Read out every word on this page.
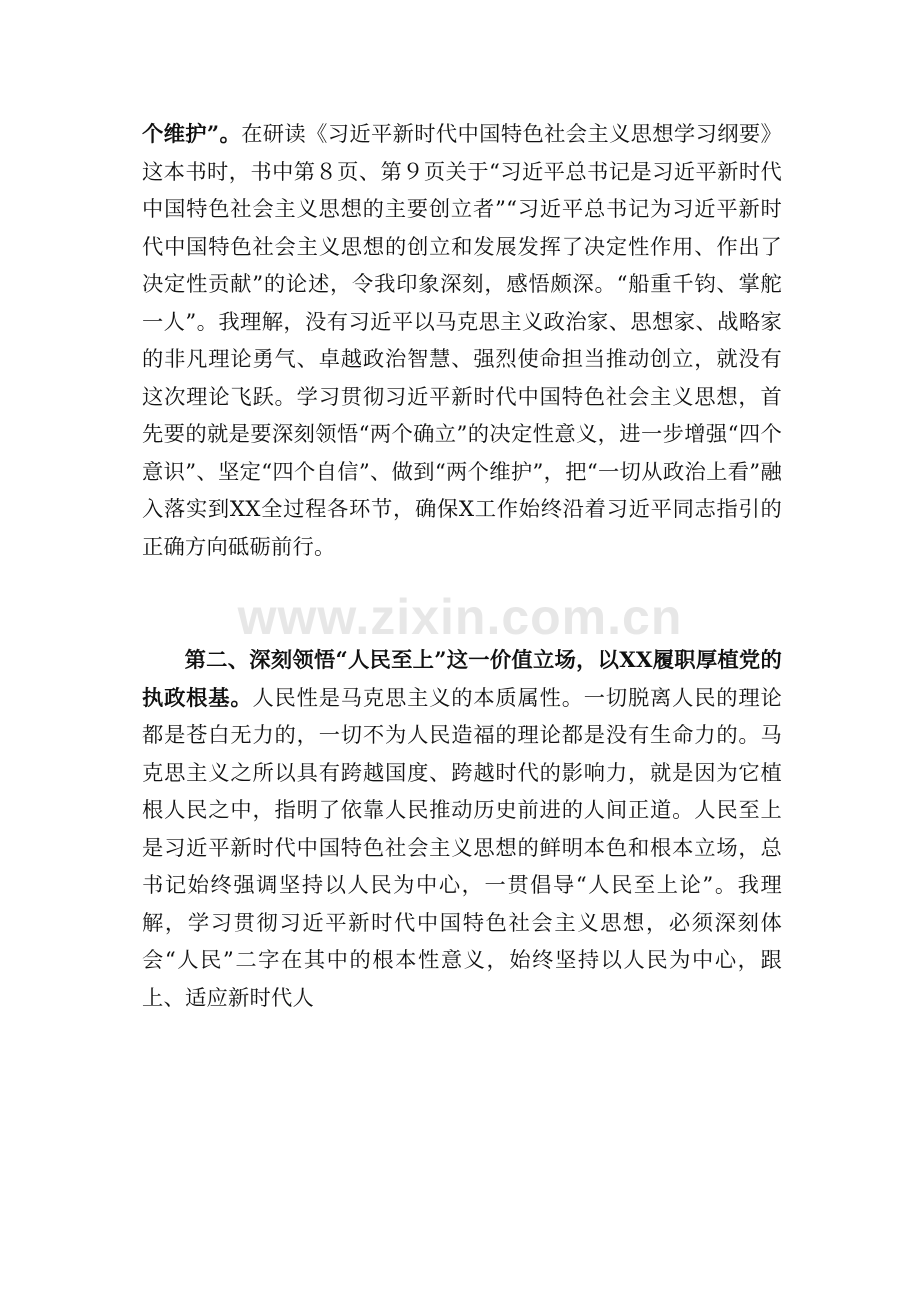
个维护”。在研读《习近平新时代中国特色社会主义思想学习纲要》这本书时，书中第８页、第９页关于“习近平总书记是习近平新时代中国特色社会主义思想的主要创立者”“习近平总书记为习近平新时代中国特色社会主义思想的创立和发展发挥了决定性作用、作出了决定性贡献”的论述，令我印象深刻，感悟颇深。“船重千钧、掌舵一人”。我理解，没有习近平以马克思主义政治家、思想家、战略家的非凡理论勇气、卓越政治智慧、强烈使命担当推动创立，就没有这次理论飞跃。学习贯彻习近平新时代中国特色社会主义思想，首先要的就是要深刻领悟“两个确立”的决定性意义，进一步增强“四个意识”、坚定“四个自信”、做到“两个维护”，把“一切从政治上看”融入落实到XX全过程各环节，确保X工作始终沿着习近平同志指引的正确方向砥砺前行。

第二、深刻领悟“人民至上”这一价值立场，以XX履职厚植党的执政根基。人民性是马克思主义的本质属性。一切脱离人民的理论都是苍白无力的，一切不为人民造福的理论都是没有生命力的。马克思主义之所以具有跨越国度、跨越时代的影响力，就是因为它植根人民之中，指明了依靠人民推动历史前进的人间正道。人民至上是习近平新时代中国特色社会主义思想的鲜明本色和根本立场，总书记始终强调坚持以人民为中心，一贯倡导“人民至上论”。我理解，学习贯彻习近平新时代中国特色社会主义思想，必须深刻体会“人民”二字在其中的根本性意义，始终坚持以人民为中心，跟上、适应新时代人

www.zixin.com.cn
